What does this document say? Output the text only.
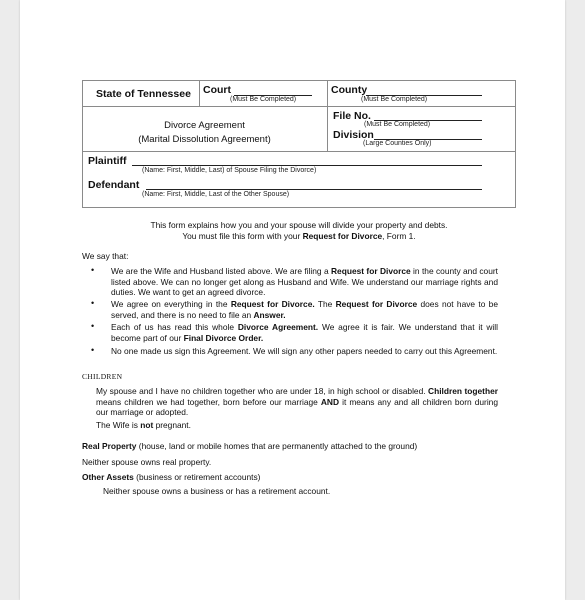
State of Tennessee Court
(Must Be Completed)
County
(Must Be Completed)
Divorce Agreement
(Marital Dissolution Agreement)
File No.
(Must Be Completed)
Division
(Large Counties Only)
Plaintiff
(Name: First, Middle, Last) of Spouse Filing the Divorce)
Defendant
(Name: First, Middle, Last of the Other Spouse)
This form explains how you and your spouse will divide your property and debts.
You must file this form with your Request for Divorce, Form 1.
We say that:
• We are the Wife and Husband listed above. We are filing a Request for Divorce in the county and court listed above. We can no longer get along as Husband and Wife. We understand our marriage rights and duties. We want to get an agreed divorce.
• We agree on everything in the Request for Divorce. The Request for Divorce does not have to be served, and there is no need to file an Answer.
• Each of us has read this whole Divorce Agreement. We agree it is fair. We understand that it will become part of our Final Divorce Order.
• No one made us sign this Agreement. We will sign any other papers needed to carry out this Agreement.
CHILDREN
My spouse and I have no children together who are under 18, in high school or disabled. Children together means children we had together, born before our marriage AND it means any and all children born during our marriage or adopted.
The Wife is not pregnant.
Real Property (house, land or mobile homes that are permanently attached to the ground)
Neither spouse owns real property.
Other Assets (business or retirement accounts)
Neither spouse owns a business or has a retirement account.
